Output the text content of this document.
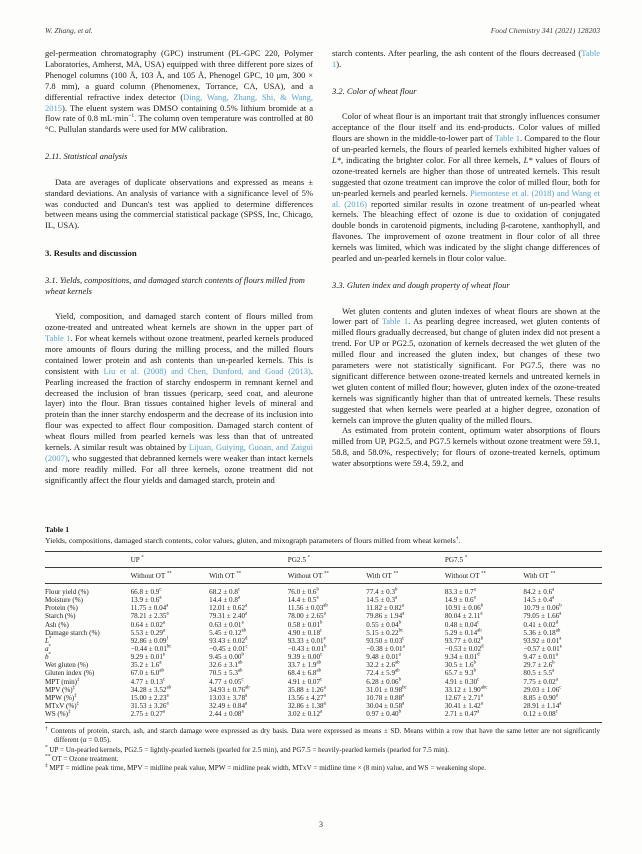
W. Zhang, et al.	Food Chemistry 341 (2021) 128203
gel-permeation chromatography (GPC) instrument (PL-GPC 220, Polymer Laboratories, Amherst, MA, USA) equipped with three different pore sizes of Phenogel columns (100 Å, 103 Å, and 105 Å, Phenogel GPC, 10 μm, 300 × 7.8 mm), a guard column (Phenomenex, Torrance, CA, USA), and a differential refractive index detector (Ding, Wang, Zhang, Shi, & Wang, 2015). The eluent system was DMSO containing 0.5% lithium bromide at a flow rate of 0.8 $mL\cdot\min^{-1}$. The column oven temperature was controlled at 80 °C. Pullulan standards were used for MW calibration.
2.11. Statistical analysis
Data are averages of duplicate observations and expressed as means ± standard deviations. An analysis of variance with a significance level of 5% was conducted and Duncan's test was applied to determine differences between means using the commercial statistical package (SPSS, Inc, Chicago, IL, USA).
3. Results and discussion
3.1. Yields, compositions, and damaged starch contents of flours milled from wheat kernels
Yield, composition, and damaged starch content of flours milled from ozone-treated and untreated wheat kernels are shown in the upper part of Table 1. For wheat kernels without ozone treatment, pearled kernels produced more amounts of flours during the milling process, and the milled flours contained lower protein and ash contents than un-pearled kernels. This is consistent with Liu et al. (2008) and Chen, Dunford, and Goad (2013). Pearling increased the fraction of starchy endosperm in remnant kernel and decreased the inclusion of bran tissues (pericarp, seed coat, and aleurone layer) into the flour. Bran tissues contained higher levels of mineral and protein than the inner starchy endosperm and the decrease of its inclusion into flour was expected to affect flour composition. Damaged starch content of wheat flours milled from pearled kernels was less than that of untreated kernels. A similar result was obtained by Lijuan, Guiying, Guoan, and Zaigui (2007), who suggested that debranned kernels were weaker than intact kernels and more readily milled. For all three kernels, ozone treatment did not significantly affect the flour yields and damaged starch, protein and
starch contents. After pearling, the ash content of the flours decreased (Table 1).
3.2. Color of wheat flour
Color of wheat flour is an important trait that strongly influences consumer acceptance of the flour itself and its end-products. Color values of milled flours are shown in the middle-to-lower part of Table 1. Compared to the flour of un-pearled kernels, the flours of pearled kernels exhibited higher values of L*, indicating the brighter color. For all three kernels, L* values of flours of ozone-treated kernels are higher than those of untreated kernels. This result suggested that ozone treatment can improve the color of milled flour, both for un-pearled kernels and pearled kernels. Piemontese et al. (2018) and Wang et al. (2016) reported similar results in ozone treatment of un-pearled wheat kernels. The bleaching effect of ozone is due to oxidation of conjugated double bonds in carotenoid pigments, including β-carotene, xanthophyll, and flavones. The improvement of ozone treatment in flour color of all three kernels was limited, which was indicated by the slight change differences of pearled and un-pearled kernels in flour color value.
3.3. Gluten index and dough property of wheat flour
Wet gluten contents and gluten indexes of wheat flours are shown at the lower part of Table 1. As pearling degree increased, wet gluten contents of milled flours gradually decreased, but change of gluten index did not present a trend. For UP or PG2.5, ozonation of kernels decreased the wet gluten of the milled flour and increased the gluten index, but changes of these two parameters were not statistically significant. For PG7.5, there was no significant difference between ozone-treated kernels and untreated kernels in wet gluten content of milled flour; however, gluten index of the ozone-treated kernels was significantly higher than that of untreated kernels. These results suggested that when kernels were pearled at a higher degree, ozonation of kernels can improve the gluten quality of the milled flours.
As estimated from protein content, optimum water absorptions of flours milled from UP, PG2.5, and PG7.5 kernels without ozone treatment were 59.1, 58.8, and 58.0%, respectively; for flours of ozone-treated kernels, optimum water absorptions were 59.4, 59.2, and
Table 1
Yields, compositions, damaged starch contents, color values, gluten, and mixograph parameters of flours milled from wheat kernels†.
	UP *		PG2.5 *		PG7.5 *
	Without OT **	With OT **	Without OT **	With OT **	Without OT **	With OT **
Flour yield (%)	66.8 ± 0.9$^c$	68.2 ± 0.8$^c$	76.0 ± 0.6$^b$	77.4 ± 0.3$^b$	83.3 ± 0.7$^a$	84.2 ± 0.6$^a$
Moisture (%)	13.9 ± 0.6$^a$	14.4 ± 0.8$^a$	14.4 ± 0.5$^a$	14.5 ± 0.3$^a$	14.9 ± 0.6$^a$	14.5 ± 0.4$^a$
Protein (%)	11.75 ± 0.04$^a$	12.01 ± 0.62$^a$	11.56 ± 0.03$^{ab}$	11.82 ± 0.82$^a$	10.91 ± 0.06$^b$	10.79 ± 0.06$^b$
Starch (%)	78.21 ± 2.35$^a$	79.31 ± 2.40$^a$	78.00 ± 2.65$^a$	79.86 ± 1.94$^a$	80.04 ± 2.11$^a$	79.05 ± 1.66$^a$
Ash (%)	0.64 ± 0.02$^a$	0.63 ± 0.01$^a$	0.58 ± 0.01$^b$	0.55 ± 0.04$^b$	0.48 ± 0.04$^c$	0.41 ± 0.02$^d$
Damage starch (%)	5.53 ± 0.29$^a$	5.45 ± 0.12$^{ab}$	4.90 ± 0.18$^c$	5.15 ± 0.22$^{bc}$	5.29 ± 0.14$^{ab}$	5.36 ± 0.18$^{ab}$
L*	92.86 ± 0.09$^f$	93.43 ± 0.02$^d$	93.33 ± 0.01$^e$	93.50 ± 0.03$^c$	93.77 ± 0.02$^b$	93.92 ± 0.01$^a$
a*	−0.44 ± 0.01$^{bc}$	−0.45 ± 0.01$^c$	−0.43 ± 0.01$^b$	−0.38 ± 0.01$^a$	−0.53 ± 0.02$^d$	−0.57 ± 0.01$^e$
b*	9.29 ± 0.01$^e$	9.45 ± 0.00$^b$	9.39 ± 0.00$^c$	9.48 ± 0.01$^a$	9.34 ± 0.01$^d$	9.47 ± 0.01$^a$
Wet gluten (%)	35.2 ± 1.6$^a$	32.6 ± 3.1$^{ab}$	33.7 ± 1.9$^{ab}$	32.2 ± 2.6$^{ab}$	30.5 ± 1.6$^b$	29.7 ± 2.6$^b$
Gluten index (%)	67.0 ± 6.0$^{ab}$	70.5 ± 5.3$^{ab}$	68.4 ± 6.8$^{ab}$	72.4 ± 5.9$^{ab}$	65.7 ± 9.3$^b$	80.5 ± 5.5$^a$
MPT (min)‡	4.77 ± 0.13$^c$	4.77 ± 0.05$^c$	4.91 ± 0.07$^c$	6.28 ± 0.06$^b$	4.91 ± 0.30$^c$	7.75 ± 0.02$^a$
MPV (%)‡	34.28 ± 3.52$^{ab}$	34.93 ± 0.76$^{ab}$	35.88 ± 1.26$^a$	31.01 ± 0.98$^{bc}$	33.12 ± 1.90$^{abc}$	29.03 ± 1.06$^c$
MPW (%)‡	15.00 ± 2.23$^a$	13.03 ± 3.78$^a$	13.56 ± 4.27$^a$	10.78 ± 0.88$^a$	12.67 ± 2.71$^a$	8.85 ± 0.90$^a$
MTxV (%)‡	31.53 ± 3.26$^a$	32.49 ± 0.84$^a$	32.86 ± 1.38$^a$	30.04 ± 0.58$^a$	30.41 ± 1.42$^a$	28.91 ± 1.14$^a$
WS (%)‡	2.75 ± 0.27$^a$	2.44 ± 0.08$^a$	3.02 ± 0.12$^a$	0.97 ± 0.40$^b$	2.71 ± 0.47$^a$	0.12 ± 0.08$^c$

† Contents of protein, starch, ash, and starch damage were expressed as dry basis. Data were expressed as means ± SD. Means within a row that have the same letter are not significantly different (α = 0.05).

* UP = Un-pearled kernels, PG2.5 = lightly-pearled kernels (pearled for 2.5 min), and PG7.5 = heavily-pearled kernels (pearled for 7.5 min).

** OT = Ozone treatment.

‡ MPT = midline peak time, MPV = midline peak value, MPW = midline peak width, MTxV = midline time × (8 min) value, and WS = weakening slope.

3
